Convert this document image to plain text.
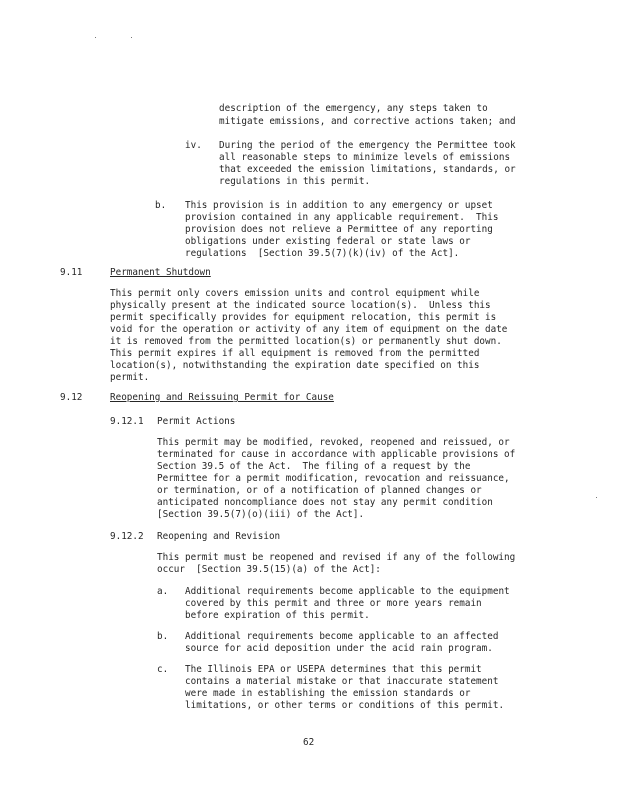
description of the emergency, any steps taken to
mitigate emissions, and corrective actions taken; and
iv. During the period of the emergency the Permittee took
all reasonable steps to minimize levels of emissions
that exceeded the emission limitations, standards, or
regulations in this permit.
b. This provision is in addition to any emergency or upset
provision contained in any applicable requirement.  This
provision does not relieve a Permittee of any reporting
obligations under existing federal or state laws or
regulations  [Section 39.5(7)(k)(iv) of the Act].
9.11	Permanent Shutdown
This permit only covers emission units and control equipment while
physically present at the indicated source location(s).  Unless this
permit specifically provides for equipment relocation, this permit is
void for the operation or activity of any item of equipment on the date
it is removed from the permitted location(s) or permanently shut down.
This permit expires if all equipment is removed from the permitted
location(s), notwithstanding the expiration date specified on this
permit.
9.12	Reopening and Reissuing Permit for Cause
9.12.1 Permit Actions
This permit may be modified, revoked, reopened and reissued, or
terminated for cause in accordance with applicable provisions of
Section 39.5 of the Act.  The filing of a request by the
Permittee for a permit modification, revocation and reissuance,
or termination, or of a notification of planned changes or
anticipated noncompliance does not stay any permit condition
[Section 39.5(7)(o)(iii) of the Act].
9.12.2 Reopening and Revision
This permit must be reopened and revised if any of the following
occur  [Section 39.5(15)(a) of the Act]:
a. Additional requirements become applicable to the equipment
covered by this permit and three or more years remain
before expiration of this permit.
b. Additional requirements become applicable to an affected
source for acid deposition under the acid rain program.
c. The Illinois EPA or USEPA determines that this permit
contains a material mistake or that inaccurate statement
were made in establishing the emission standards or
limitations, or other terms or conditions of this permit.
62
